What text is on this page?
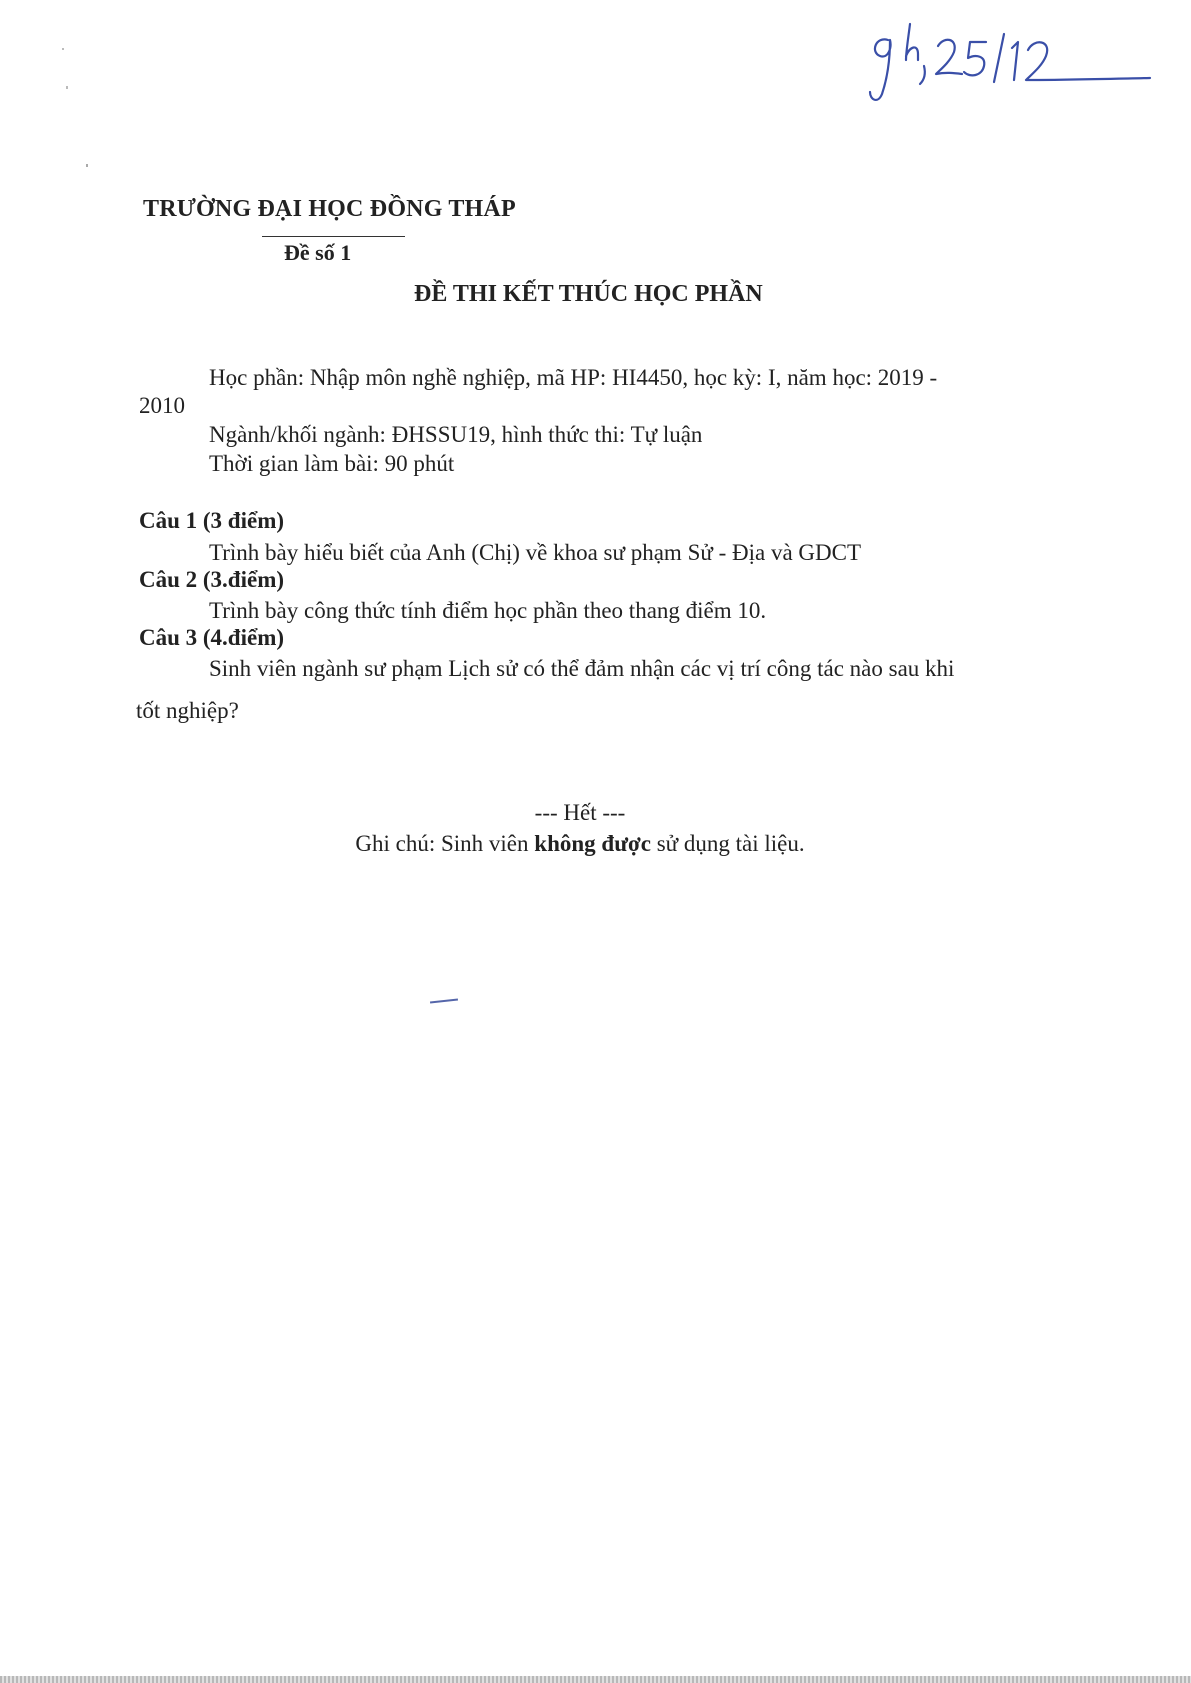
TRƯỜNG ĐẠI HỌC ĐỒNG THÁP
Đề số 1
ĐỀ THI KẾT THÚC HỌC PHẦN
Học phần: Nhập môn nghề nghiệp, mã HP: HI4450, học kỳ: I, năm học: 2019 -
2010
Ngành/khối ngành: ĐHSSU19, hình thức thi: Tự luận
Thời gian làm bài: 90 phút
Câu 1 (3 điểm)
Trình bày hiểu biết của Anh (Chị) về khoa sư phạm Sử - Địa và GDCT
Câu 2 (3.điểm)
Trình bày công thức tính điểm học phần theo thang điểm 10.
Câu 3 (4.điểm)
Sinh viên ngành sư phạm Lịch sử có thể đảm nhận các vị trí công tác nào sau khi
tốt nghiệp?
--- Hết ---
Ghi chú: Sinh viên không được sử dụng tài liệu.
